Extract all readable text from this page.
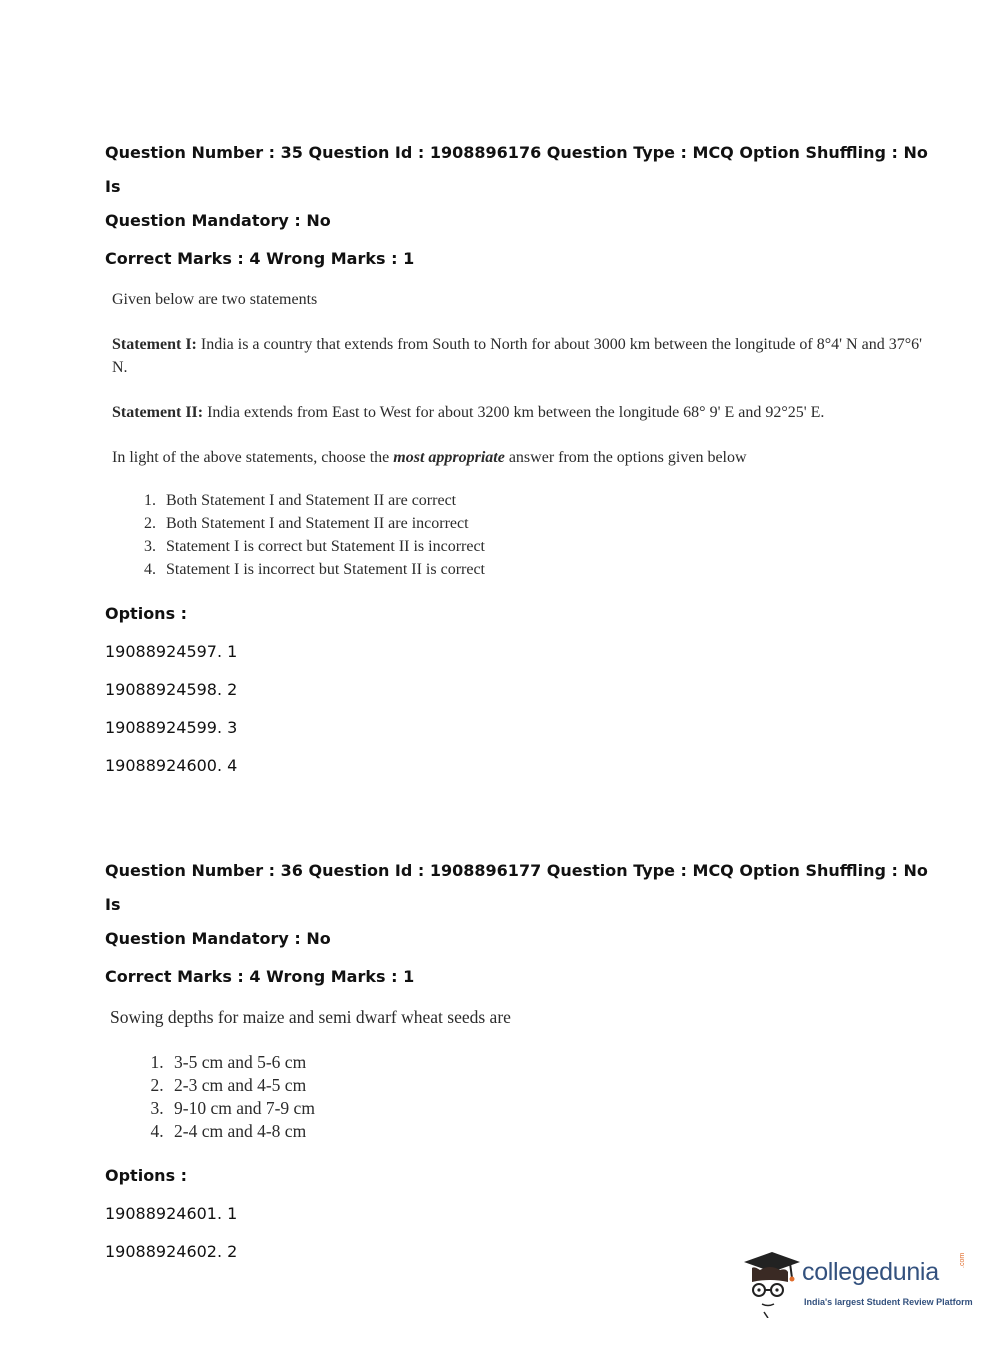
Question Number : 35 Question Id : 1908896176 Question Type : MCQ Option Shuffling : No Is
Question Mandatory : No
Correct Marks : 4 Wrong Marks : 1

Given below are two statements

Statement I: India is a country that extends from South to North for about 3000 km between the longitude of 8°4' N and 37°6' N.

Statement II: India extends from East to West for about 3200 km between the longitude 68° 9' E and 92°25' E.

In light of the above statements, choose the most appropriate answer from the options given below

1. Both Statement I and Statement II are correct
2. Both Statement I and Statement II are incorrect
3. Statement I is correct but Statement II is incorrect
4. Statement I is incorrect but Statement II is correct
Options :
19088924597. 1
19088924598. 2
19088924599. 3
19088924600. 4
Question Number : 36 Question Id : 1908896177 Question Type : MCQ Option Shuffling : No Is
Question Mandatory : No
Correct Marks : 4 Wrong Marks : 1

Sowing depths for maize and semi dwarf wheat seeds are

1. 3-5 cm and 5-6 cm
2. 2-3 cm and 4-5 cm
3. 9-10 cm and 7-9 cm
4. 2-4 cm and 4-8 cm
Options :
19088924601. 1
19088924602. 2
collegedunia	.com
India's largest Student Review Platform
